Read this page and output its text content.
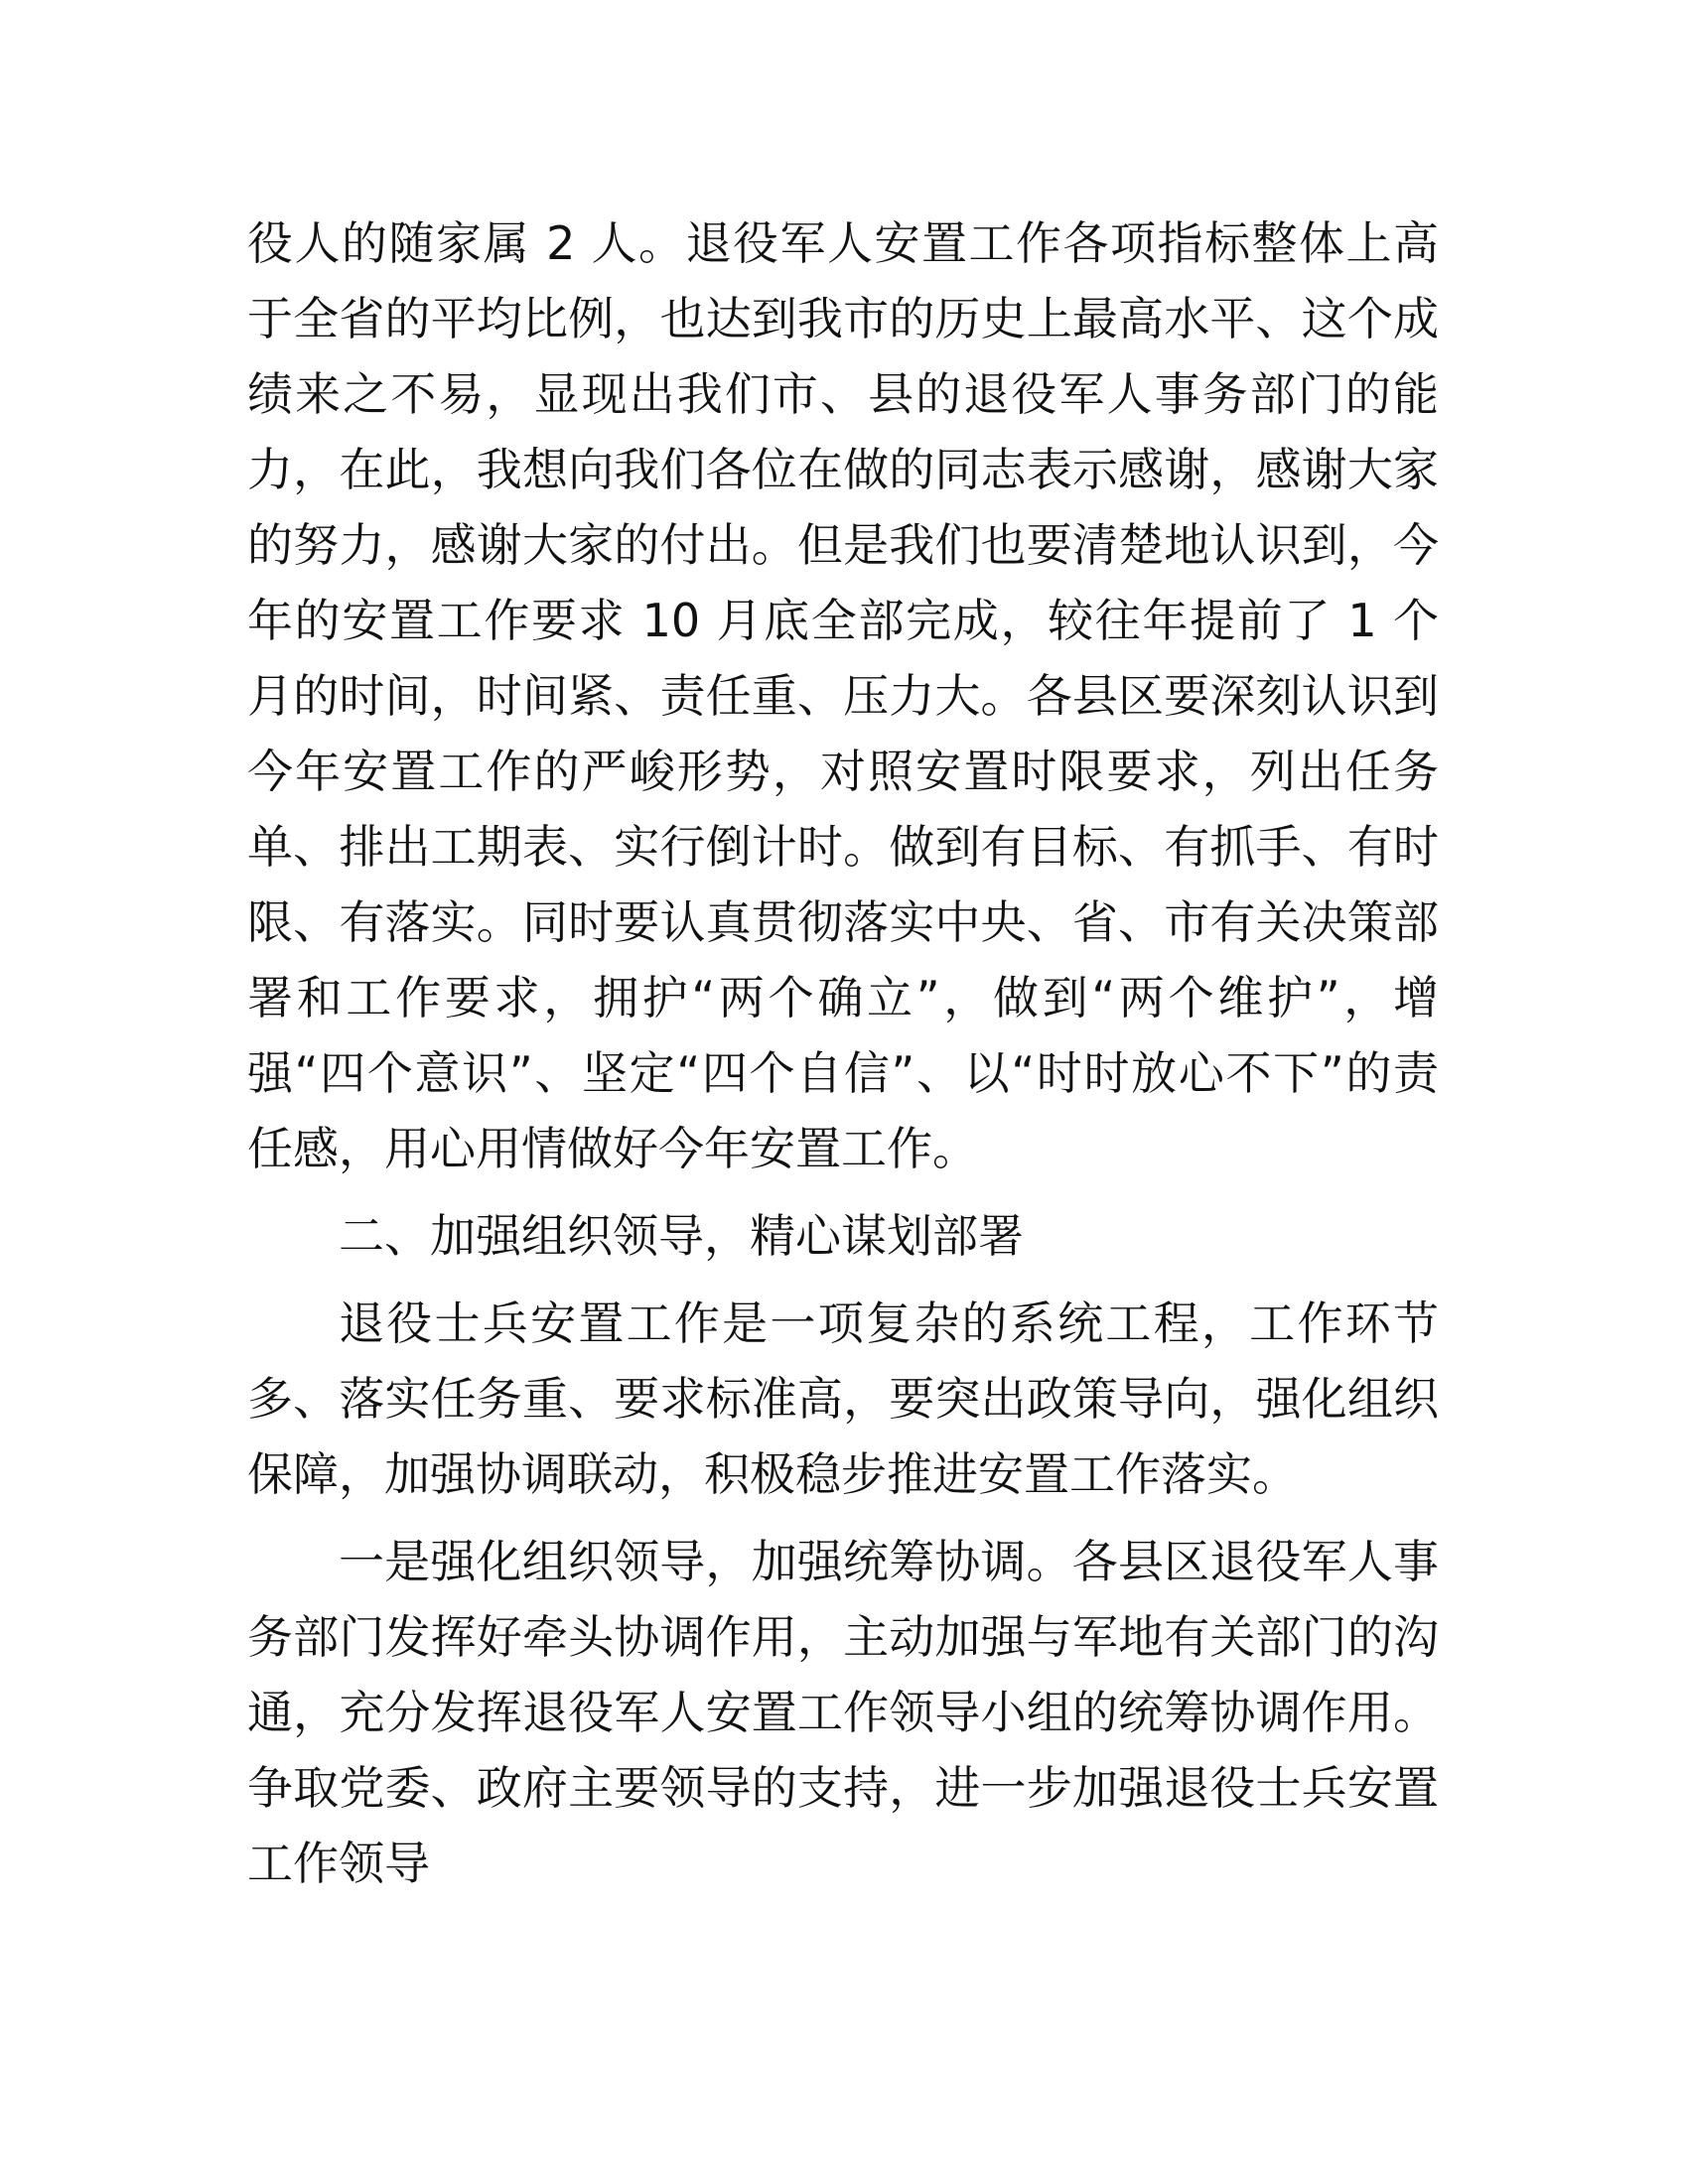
役人的随家属 2 人。退役军人安置工作各项指标整体上高于全省的平均比例，也达到我市的历史上最高水平、这个成绩来之不易，显现出我们市、县的退役军人事务部门的能力，在此，我想向我们各位在做的同志表示感谢，感谢大家的努力，感谢大家的付出。但是我们也要清楚地认识到，今年的安置工作要求 10 月底全部完成，较往年提前了 1 个月的时间，时间紧、责任重、压力大。各县区要深刻认识到今年安置工作的严峻形势，对照安置时限要求，列出任务单、排出工期表、实行倒计时。做到有目标、有抓手、有时限、有落实。同时要认真贯彻落实中央、省、市有关决策部署和工作要求，拥护“两个确立”，做到“两个维护”，增强“四个意识”、坚定“四个自信”、以“时时放心不下”的责任感，用心用情做好今年安置工作。

二、加强组织领导，精心谋划部署

退役士兵安置工作是一项复杂的系统工程，工作环节多、落实任务重、要求标准高，要突出政策导向，强化组织保障，加强协调联动，积极稳步推进安置工作落实。

一是强化组织领导，加强统筹协调。各县区退役军人事务部门发挥好牵头协调作用，主动加强与军地有关部门的沟通，充分发挥退役军人安置工作领导小组的统筹协调作用。争取党委、政府主要领导的支持，进一步加强退役士兵安置工作领导
